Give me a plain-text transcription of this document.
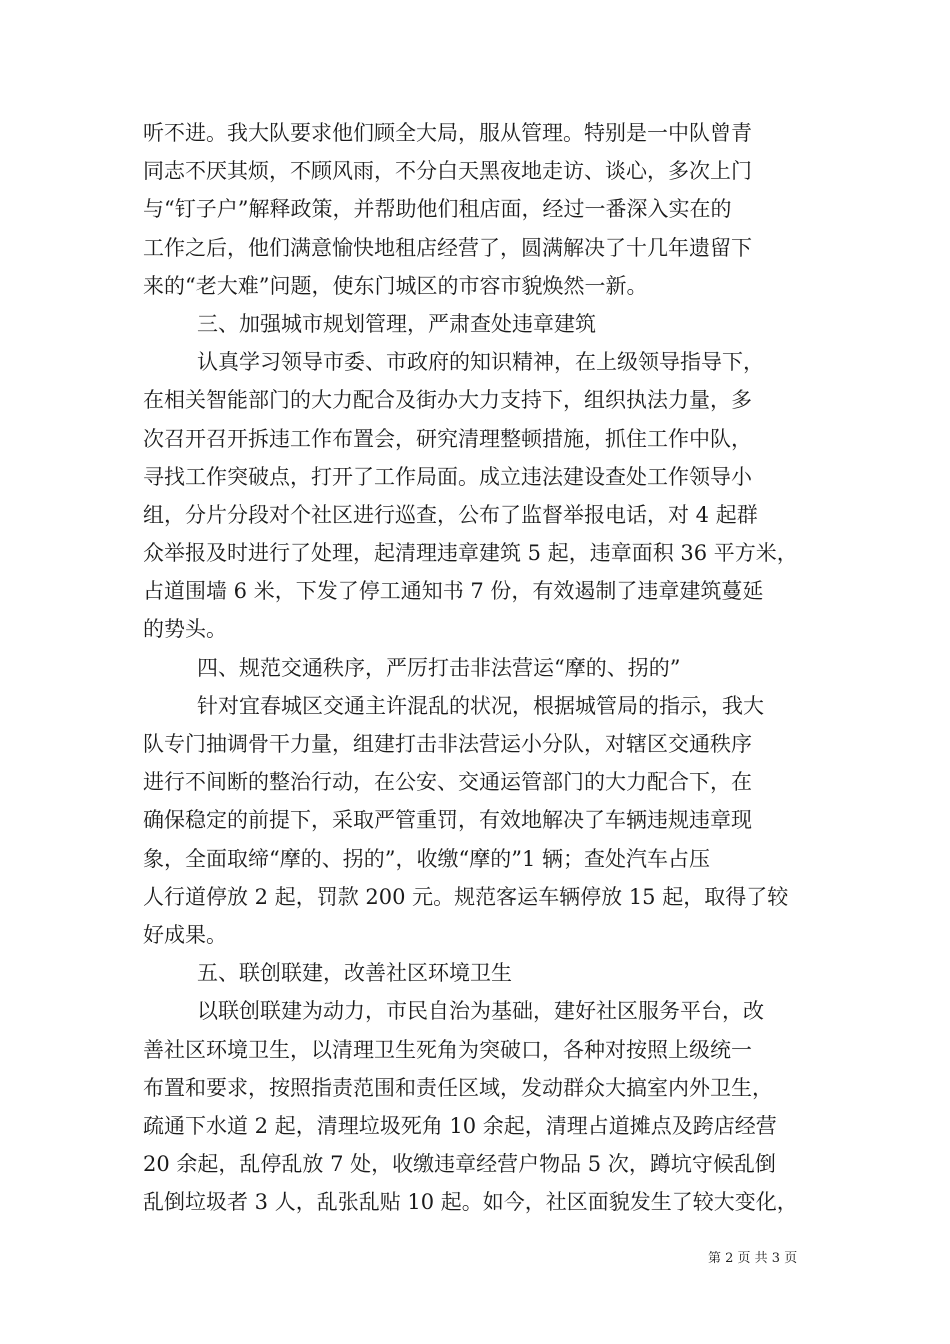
听不进。我大队要求他们顾全大局，服从管理。特别是一中队曾青
同志不厌其烦，不顾风雨，不分白天黑夜地走访、谈心，多次上门
与“钉子户”解释政策，并帮助他们租店面，经过一番深入实在的
工作之后，他们满意愉快地租店经营了，圆满解决了十几年遗留下
来的“老大难”问题，使东门城区的市容市貌焕然一新。
三、加强城市规划管理，严肃查处违章建筑
认真学习领导市委、市政府的知识精神，在上级领导指导下，
在相关智能部门的大力配合及街办大力支持下，组织执法力量，多
次召开召开拆违工作布置会，研究清理整顿措施，抓住工作中队，
寻找工作突破点，打开了工作局面。成立违法建设查处工作领导小
组，分片分段对个社区进行巡查，公布了监督举报电话，对 4 起群
众举报及时进行了处理，起清理违章建筑 5 起，违章面积 36 平方米，
占道围墙 6 米，下发了停工通知书 7 份，有效遏制了违章建筑蔓延
的势头。
四、规范交通秩序，严厉打击非法营运“摩的、拐的”
针对宜春城区交通主许混乱的状况，根据城管局的指示，我大
队专门抽调骨干力量，组建打击非法营运小分队，对辖区交通秩序
进行不间断的整治行动，在公安、交通运管部门的大力配合下，在
确保稳定的前提下，采取严管重罚，有效地解决了车辆违规违章现
象，全面取缔“摩的、拐的”，收缴“摩的”1 辆；查处汽车占压
人行道停放 2 起，罚款 200 元。规范客运车辆停放 15 起，取得了较
好成果。
五、联创联建，改善社区环境卫生
以联创联建为动力，市民自治为基础，建好社区服务平台，改
善社区环境卫生，以清理卫生死角为突破口，各种对按照上级统一
布置和要求，按照指责范围和责任区域，发动群众大搞室内外卫生，
疏通下水道 2 起，清理垃圾死角 10 余起，清理占道摊点及跨店经营
20 余起，乱停乱放 7 处，收缴违章经营户物品 5 次，蹲坑守候乱倒
乱倒垃圾者 3 人，乱张乱贴 10 起。如今，社区面貌发生了较大变化，
第 2 页 共 3 页
